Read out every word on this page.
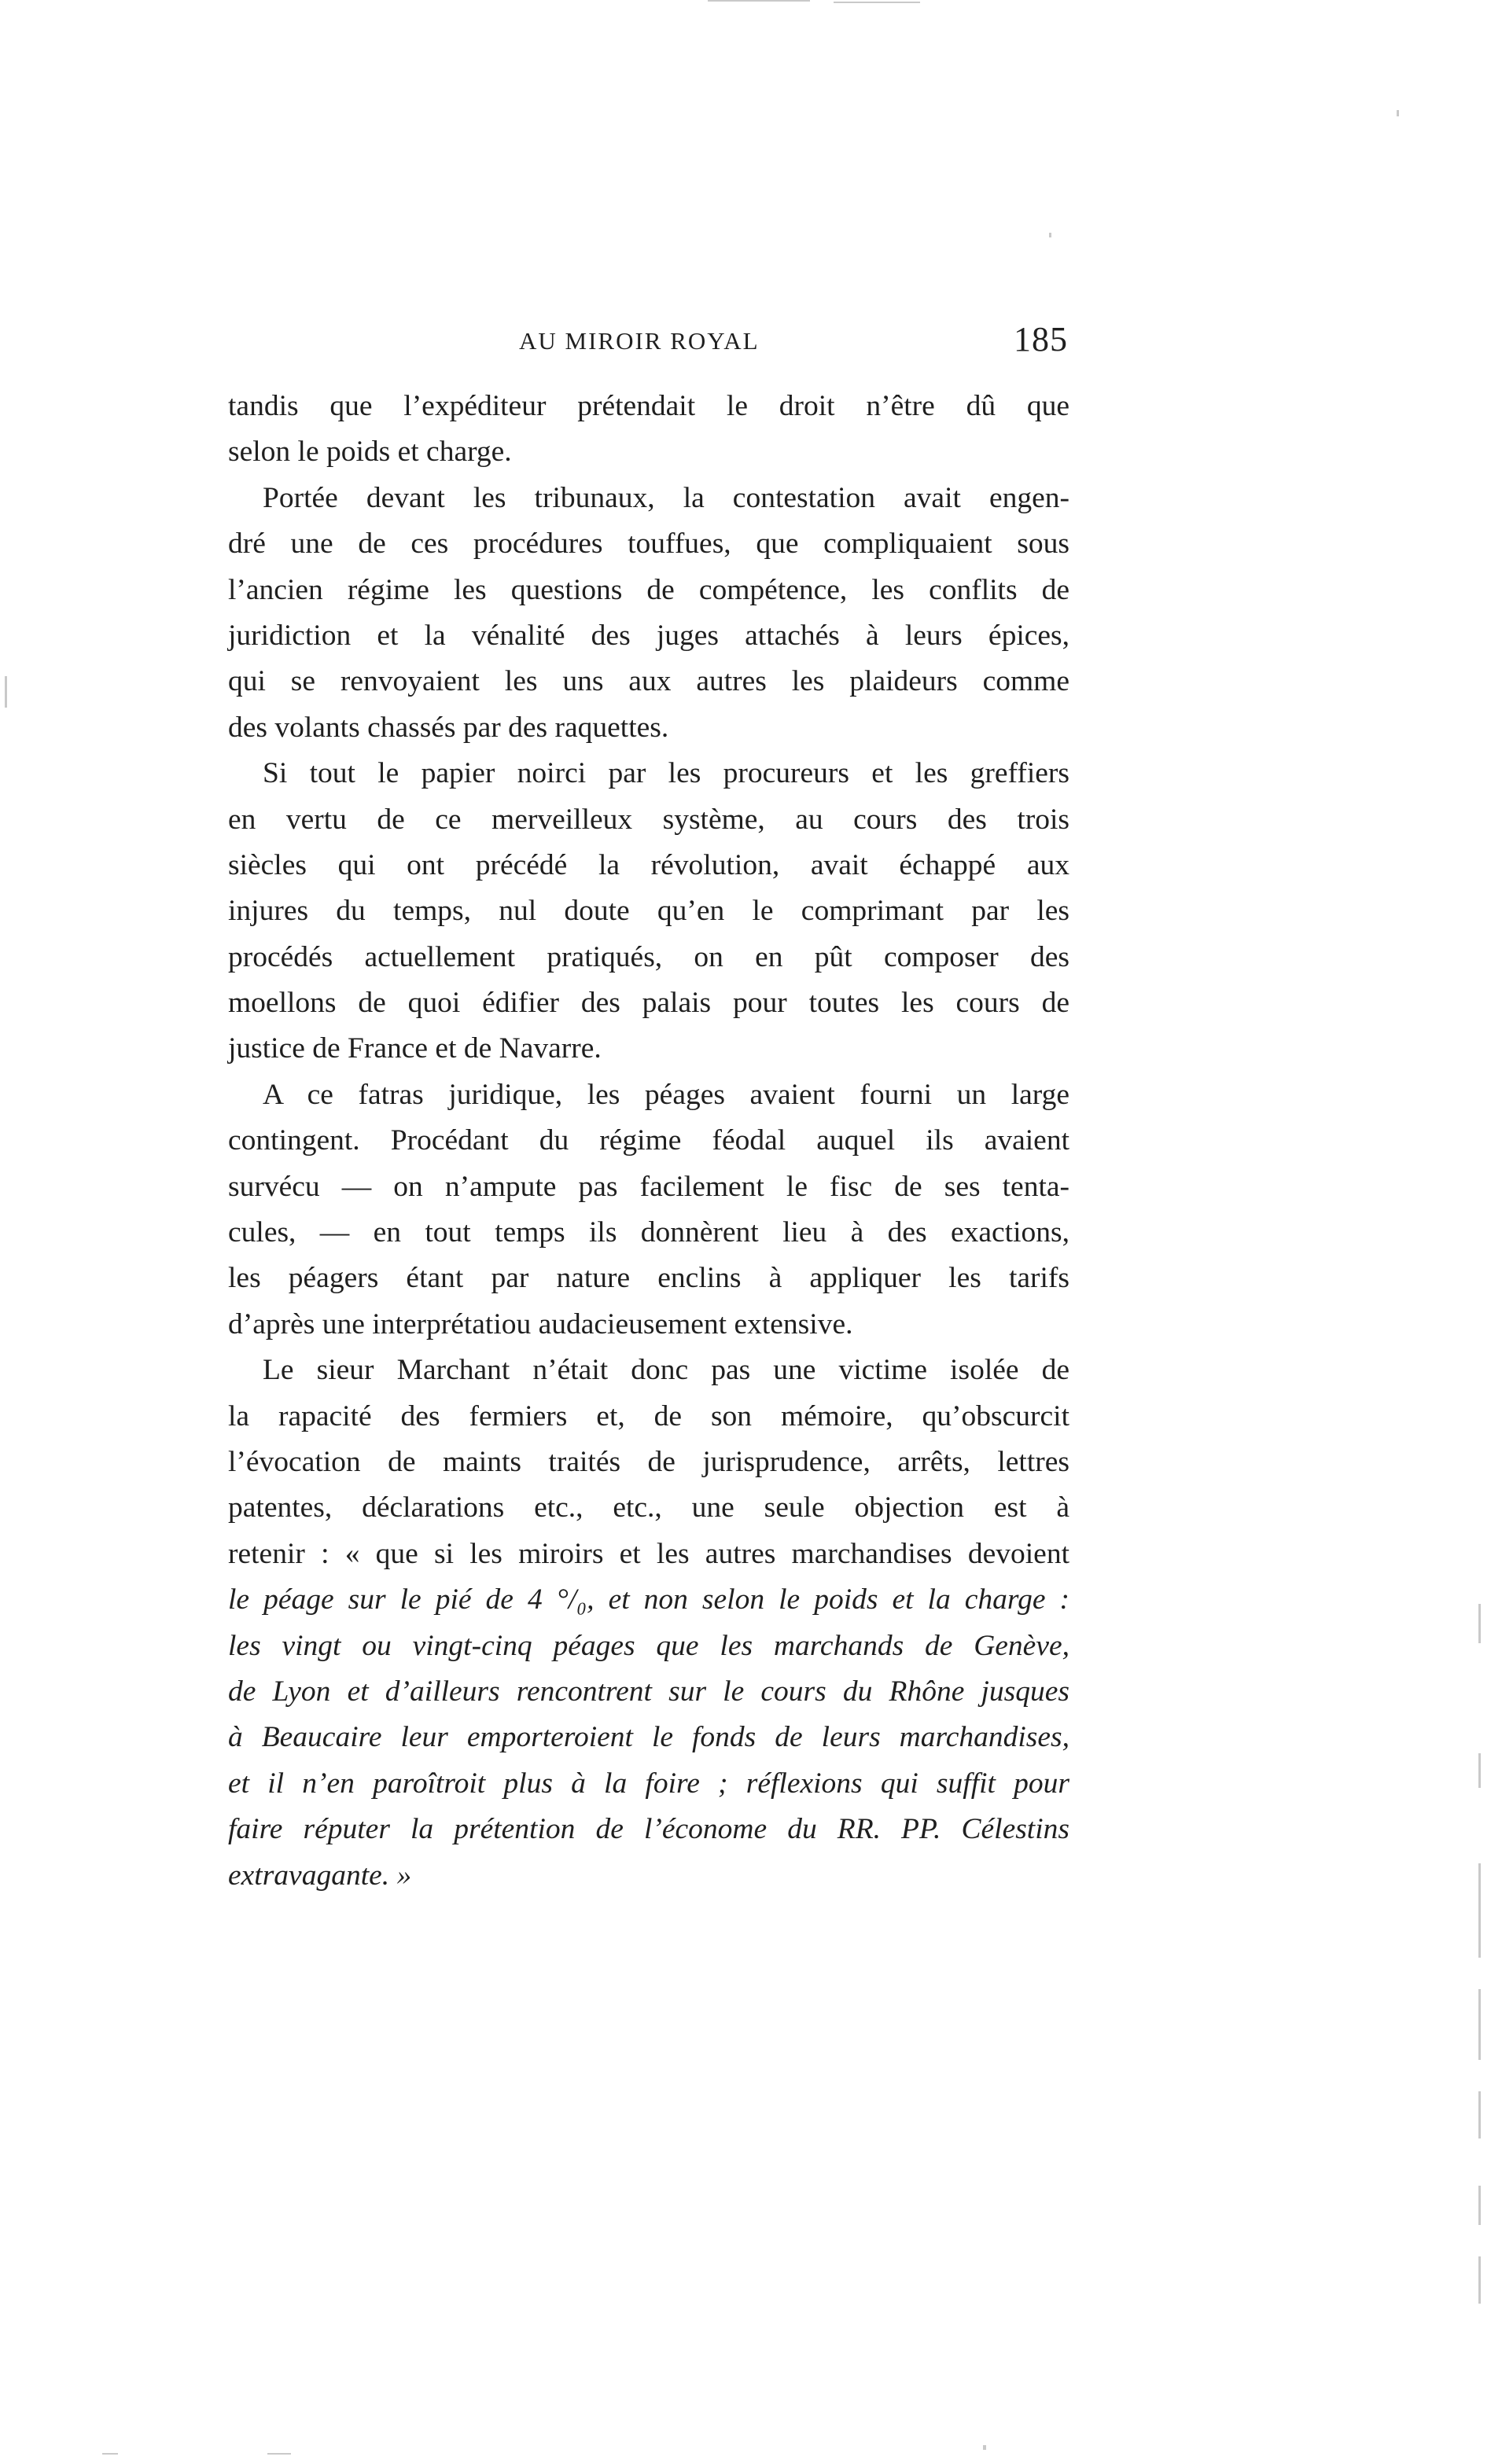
AU MIROIR ROYAL	185
tandis que l’expéditeur prétendait le droit n’être dû que
selon le poids et charge.
Portée devant les tribunaux, la contestation avait engen-
dré une de ces procédures touffues, que compliquaient sous
l’ancien régime les questions de compétence, les conflits de
juridiction et la vénalité des juges attachés à leurs épices,
qui se renvoyaient les uns aux autres les plaideurs comme
des volants chassés par des raquettes.
Si tout le papier noirci par les procureurs et les greffiers
en vertu de ce merveilleux système, au cours des trois
siècles qui ont précédé la révolution, avait échappé aux
injures du temps, nul doute qu’en le comprimant par les
procédés actuellement pratiqués, on en pût composer des
moellons de quoi édifier des palais pour toutes les cours de
justice de France et de Navarre.
A ce fatras juridique, les péages avaient fourni un large
contingent. Procédant du régime féodal auquel ils avaient
survécu — on n’ampute pas facilement le fisc de ses tenta-
cules, — en tout temps ils donnèrent lieu à des exactions,
les péagers étant par nature enclins à appliquer les tarifs
d’après une interprétatiou audacieusement extensive.
Le sieur Marchant n’était donc pas une victime isolée de
la rapacité des fermiers et, de son mémoire, qu’obscurcit
l’évocation de maints traités de jurisprudence, arrêts, lettres
patentes, déclarations etc., etc., une seule objection est à
retenir : « que si les miroirs et les autres marchandises devoient
le péage sur le pié de 4 °/₀, et non selon le poids et la charge :
les vingt ou vingt-cinq péages que les marchands de Genève,
de Lyon et d’ailleurs rencontrent sur le cours du Rhône jusques
à Beaucaire leur emporteroient le fonds de leurs marchandises,
et il n’en paroîtroit plus à la foire ; réflexions qui suffit pour
faire réputer la prétention de l’économe du RR. PP. Célestins
extravagante. »
